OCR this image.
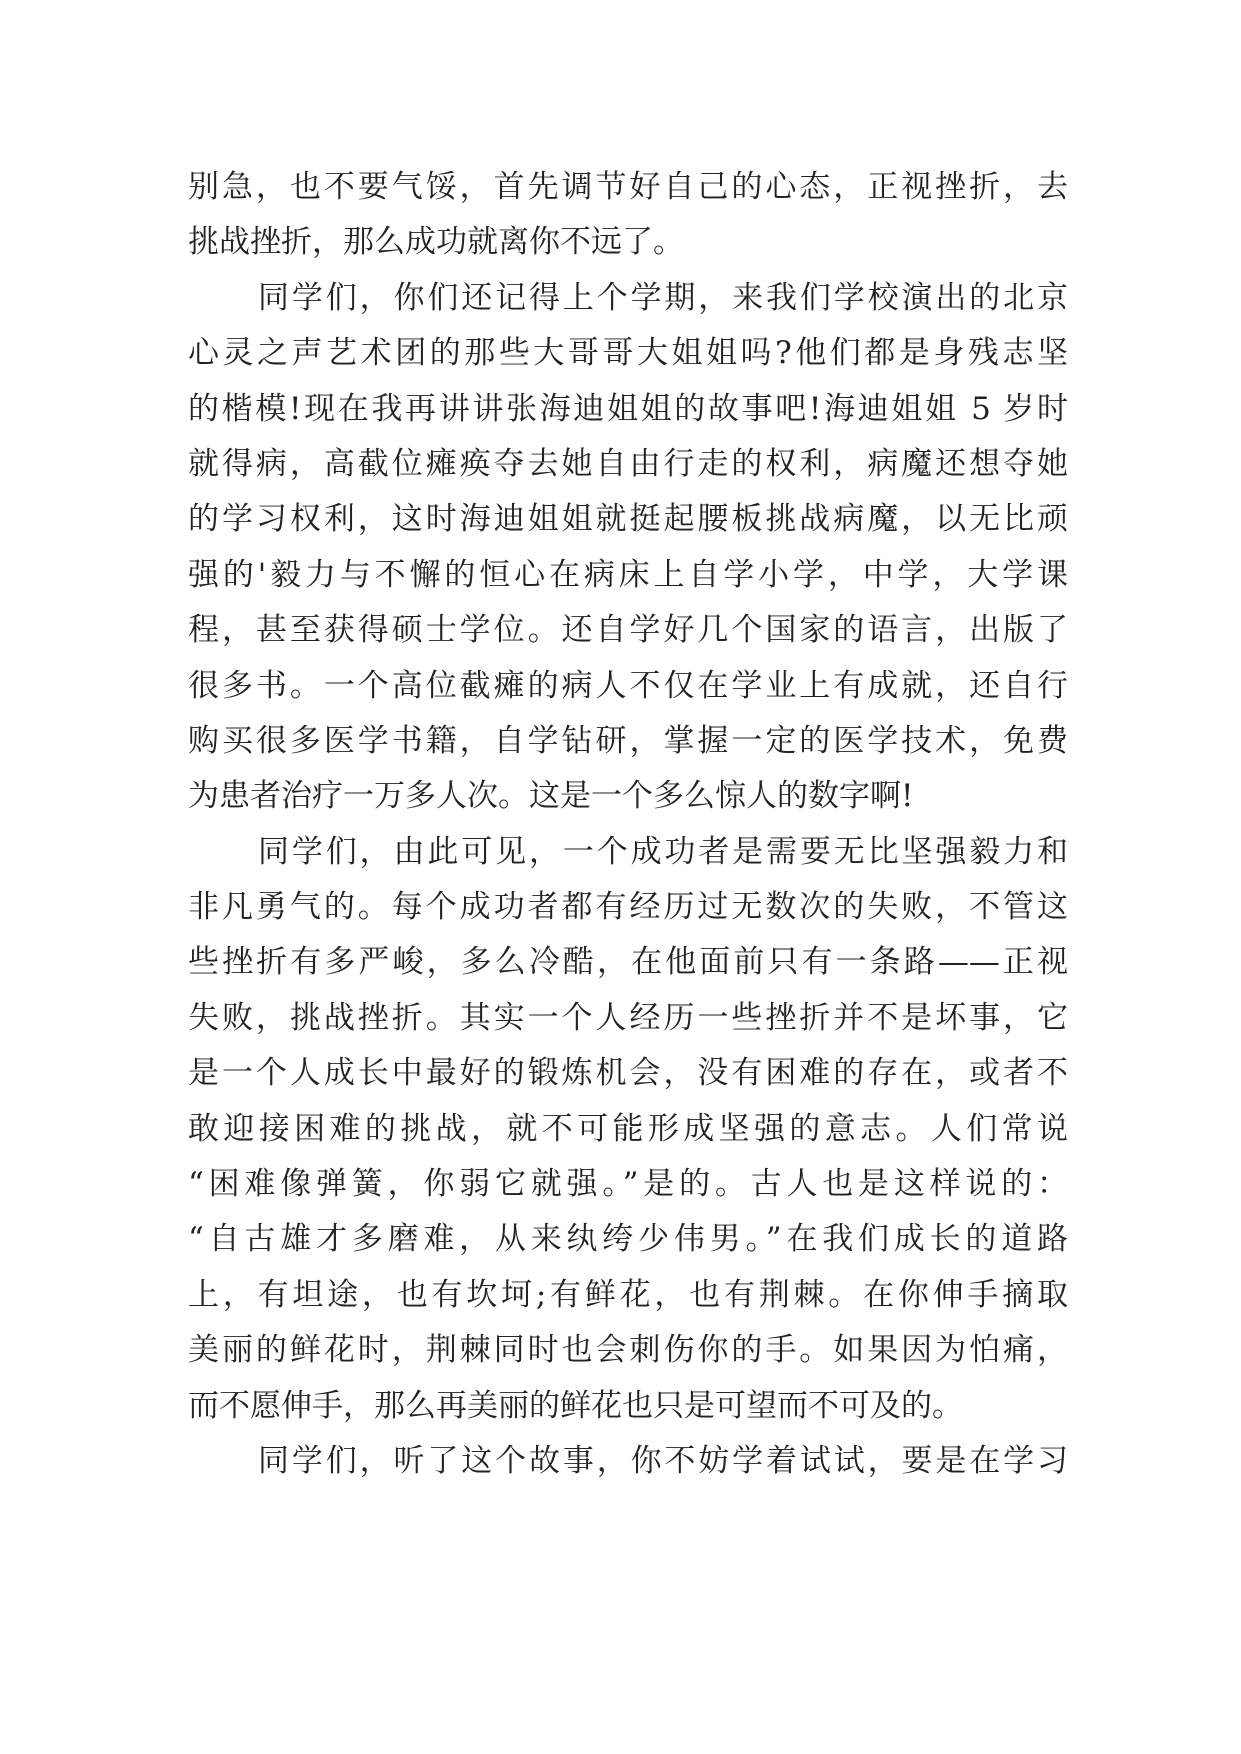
别急，也不要气馁，首先调节好自己的心态，正视挫折，去
挑战挫折，那么成功就离你不远了。
同学们，你们还记得上个学期，来我们学校演出的北京
心灵之声艺术团的那些大哥哥大姐姐吗?他们都是身残志坚
的楷模!现在我再讲讲张海迪姐姐的故事吧!海迪姐姐 5 岁时
就得病，高截位瘫痪夺去她自由行走的权利，病魔还想夺她
的学习权利，这时海迪姐姐就挺起腰板挑战病魔，以无比顽
强的'毅力与不懈的恒心在病床上自学小学，中学，大学课
程，甚至获得硕士学位。还自学好几个国家的语言，出版了
很多书。一个高位截瘫的病人不仅在学业上有成就，还自行
购买很多医学书籍，自学钻研，掌握一定的医学技术，免费
为患者治疗一万多人次。这是一个多么惊人的数字啊!
同学们，由此可见，一个成功者是需要无比坚强毅力和
非凡勇气的。每个成功者都有经历过无数次的失败，不管这
些挫折有多严峻，多么冷酷，在他面前只有一条路——正视
失败，挑战挫折。其实一个人经历一些挫折并不是坏事，它
是一个人成长中最好的锻炼机会，没有困难的存在，或者不
敢迎接困难的挑战，就不可能形成坚强的意志。人们常说
“困难像弹簧，你弱它就强。”是的。古人也是这样说的：
“自古雄才多磨难，从来纨绔少伟男。”在我们成长的道路
上，有坦途，也有坎坷;有鲜花，也有荆棘。在你伸手摘取
美丽的鲜花时，荆棘同时也会刺伤你的手。如果因为怕痛，
而不愿伸手，那么再美丽的鲜花也只是可望而不可及的。
同学们，听了这个故事，你不妨学着试试，要是在学习
